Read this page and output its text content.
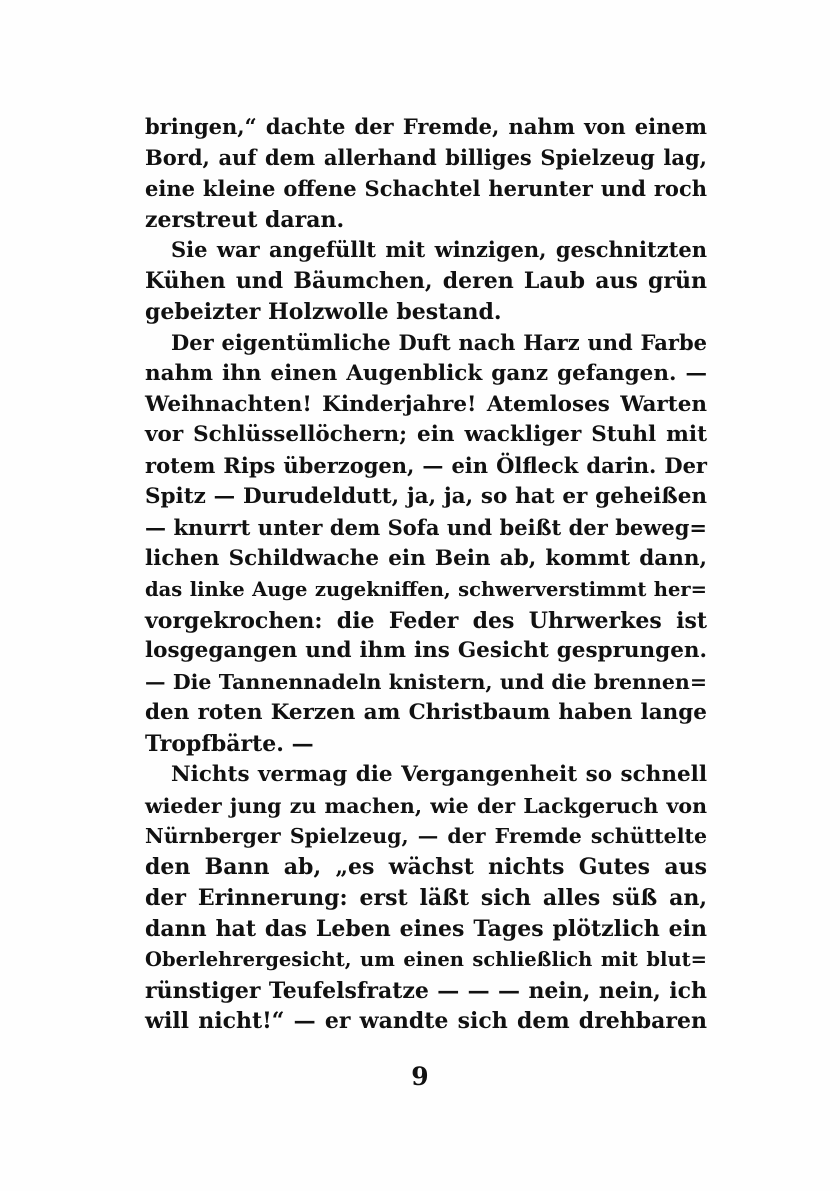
bringen,“ dachte der Fremde, nahm von einem
Bord, auf dem allerhand billiges Spielzeug lag,
eine kleine offene Schachtel herunter und roch
zerstreut daran.
Sie war angefüllt mit winzigen, geschnitzten
Kühen und Bäumchen, deren Laub aus grün
gebeizter Holzwolle bestand.
Der eigentümliche Duft nach Harz und Farbe
nahm ihn einen Augenblick ganz gefangen. —
Weihnachten! Kinderjahre! Atemloses Warten
vor Schlüssellöchern; ein wackliger Stuhl mit
rotem Rips überzogen, — ein Ölfleck darin. Der
Spitz — Durudeldutt, ja, ja, so hat er geheißen
— knurrt unter dem Sofa und beißt der beweg=
lichen Schildwache ein Bein ab, kommt dann,
das linke Auge zugekniffen, schwerverstimmt her=
vorgekrochen: die Feder des Uhrwerkes ist
losgegangen und ihm ins Gesicht gesprungen.
— Die Tannennadeln knistern, und die brennen=
den roten Kerzen am Christbaum haben lange
Tropfbärte. —
Nichts vermag die Vergangenheit so schnell
wieder jung zu machen, wie der Lackgeruch von
Nürnberger Spielzeug, — der Fremde schüttelte
den Bann ab, „es wächst nichts Gutes aus
der Erinnerung: erst läßt sich alles süß an,
dann hat das Leben eines Tages plötzlich ein
Oberlehrergesicht, um einen schließlich mit blut=
rünstiger Teufelsfratze — — — nein, nein, ich
will nicht!“ — er wandte sich dem drehbaren
9
